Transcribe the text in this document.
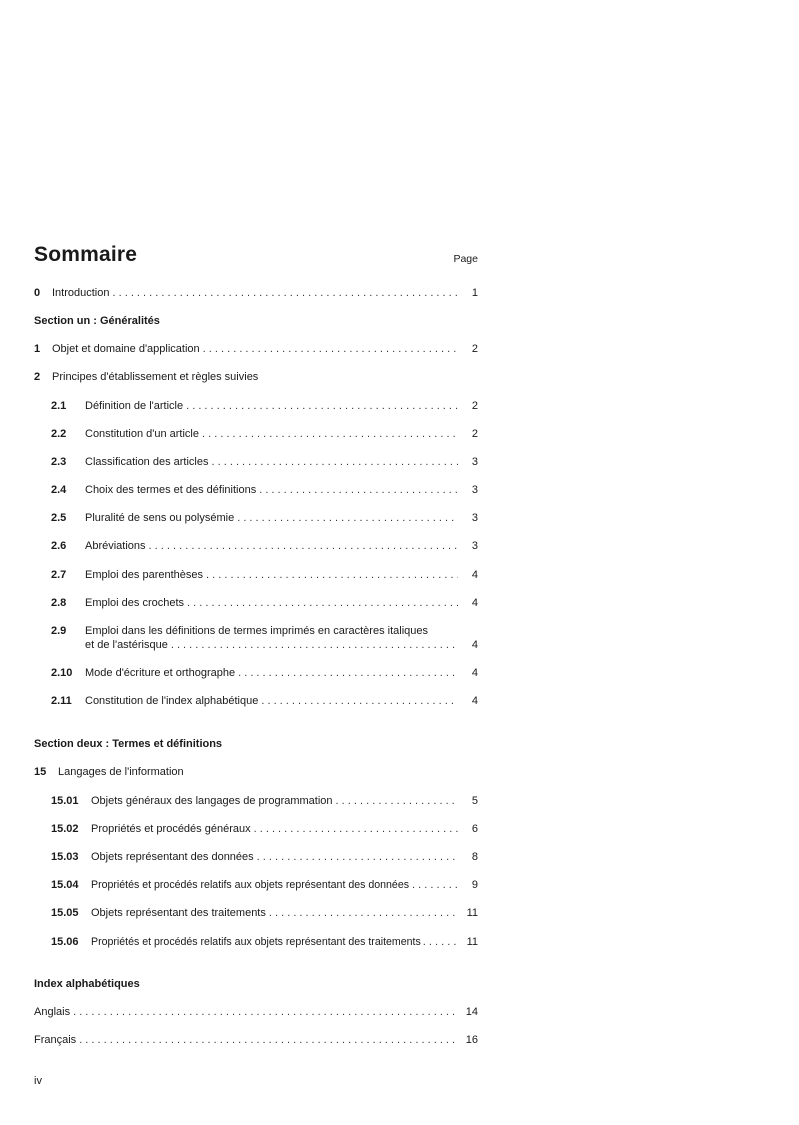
Sommaire	Page
0	Introduction . . .	1
Section un : Généralités
1	Objet et domaine d'application . . .	2
2	Principes d'établissement et règles suivies
2.1	Définition de l'article . . .	2
2.2	Constitution d'un article . . .	2
2.3	Classification des articles . . .	3
2.4	Choix des termes et des définitions . . .	3
2.5	Pluralité de sens ou polysémie . . .	3
2.6	Abréviations . . .	3
2.7	Emploi des parenthèses . . .	4
2.8	Emploi des crochets . . .	4
2.9	Emploi dans les définitions de termes imprimés en caractères italiques
et de l'astérisque . . .	4
2.10	Mode d'écriture et orthographe . . .	4
2.11	Constitution de l'index alphabétique . . .	4
Section deux : Termes et définitions
15	Langages de l'information
15.01	Objets généraux des langages de programmation . . .	5
15.02	Propriétés et procédés généraux . . .	6
15.03	Objets représentant des données . . .	8
15.04	Propriétés et procédés relatifs aux objets représentant des données . . .	9
15.05	Objets représentant des traitements . . .	11
15.06	Propriétés et procédés relatifs aux objets représentant des traitements . . .	11
Index alphabétiques
Anglais . . .	14
Français . . .	16
iv
